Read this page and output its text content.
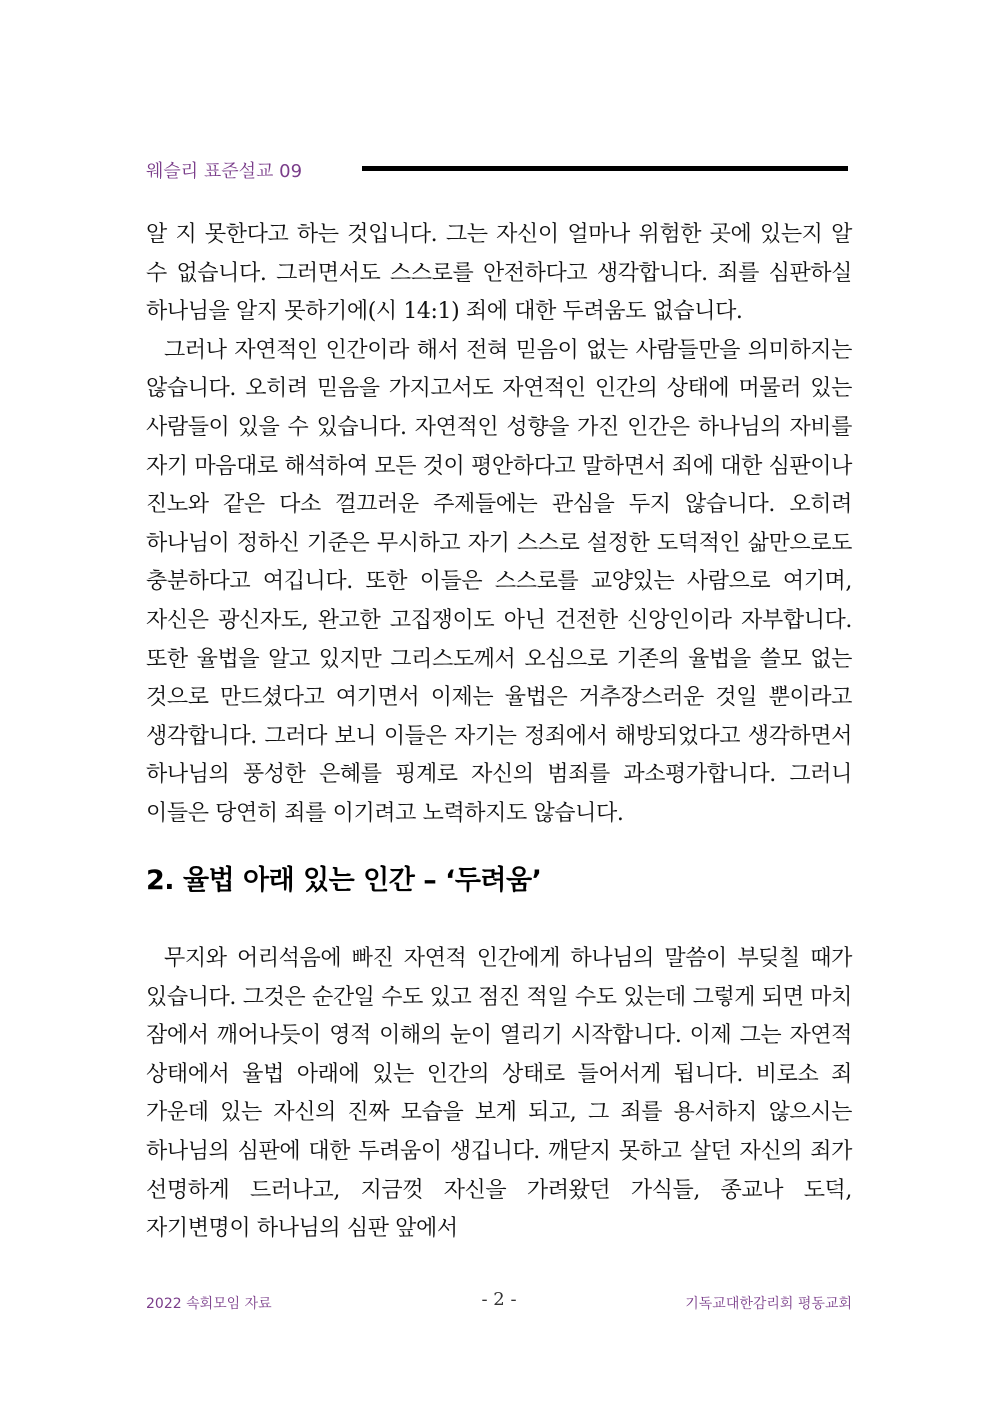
웨슬리 표준설교 09

알 지 못한다고 하는 것입니다. 그는 자신이 얼마나 위험한 곳에 있는지 알 수 없습니다. 그러면서도 스스로를 안전하다고 생각합니다. 죄를 심판하실 하나님을 알지 못하기에(시 14:1) 죄에 대한 두려움도 없습니다.

그러나 자연적인 인간이라 해서 전혀 믿음이 없는 사람들만을 의미하지는 않습니다. 오히려 믿음을 가지고서도 자연적인 인간의 상태에 머물러 있는 사람들이 있을 수 있습니다. 자연적인 성향을 가진 인간은 하나님의 자비를 자기 마음대로 해석하여 모든 것이 평안하다고 말하면서 죄에 대한 심판이나 진노와 같은 다소 껄끄러운 주제들에는 관심을 두지 않습니다. 오히려 하나님이 정하신 기준은 무시하고 자기 스스로 설정한 도덕적인 삶만으로도 충분하다고 여깁니다. 또한 이들은 스스로를 교양있는 사람으로 여기며, 자신은 광신자도, 완고한 고집쟁이도 아닌 건전한 신앙인이라 자부합니다. 또한 율법을 알고 있지만 그리스도께서 오심으로 기존의 율법을 쓸모 없는 것으로 만드셨다고 여기면서 이제는 율법은 거추장스러운 것일 뿐이라고 생각합니다. 그러다 보니 이들은 자기는 정죄에서 해방되었다고 생각하면서 하나님의 풍성한 은혜를 핑계로 자신의 범죄를 과소평가합니다. 그러니 이들은 당연히 죄를 이기려고 노력하지도 않습니다.

2. 율법 아래 있는 인간 – ‘두려움’

무지와 어리석음에 빠진 자연적 인간에게 하나님의 말씀이 부딪칠 때가 있습니다. 그것은 순간일 수도 있고 점진 적일 수도 있는데 그렇게 되면 마치 잠에서 깨어나듯이 영적 이해의 눈이 열리기 시작합니다. 이제 그는 자연적 상태에서 율법 아래에 있는 인간의 상태로 들어서게 됩니다. 비로소 죄 가운데 있는 자신의 진짜 모습을 보게 되고, 그 죄를 용서하지 않으시는 하나님의 심판에 대한 두려움이 생깁니다. 깨닫지 못하고 살던 자신의 죄가 선명하게 드러나고, 지금껏 자신을 가려왔던 가식들, 종교나 도덕, 자기변명이 하나님의 심판 앞에서

2022 속회모임 자료	- 2 -	기독교대한감리회 평동교회
